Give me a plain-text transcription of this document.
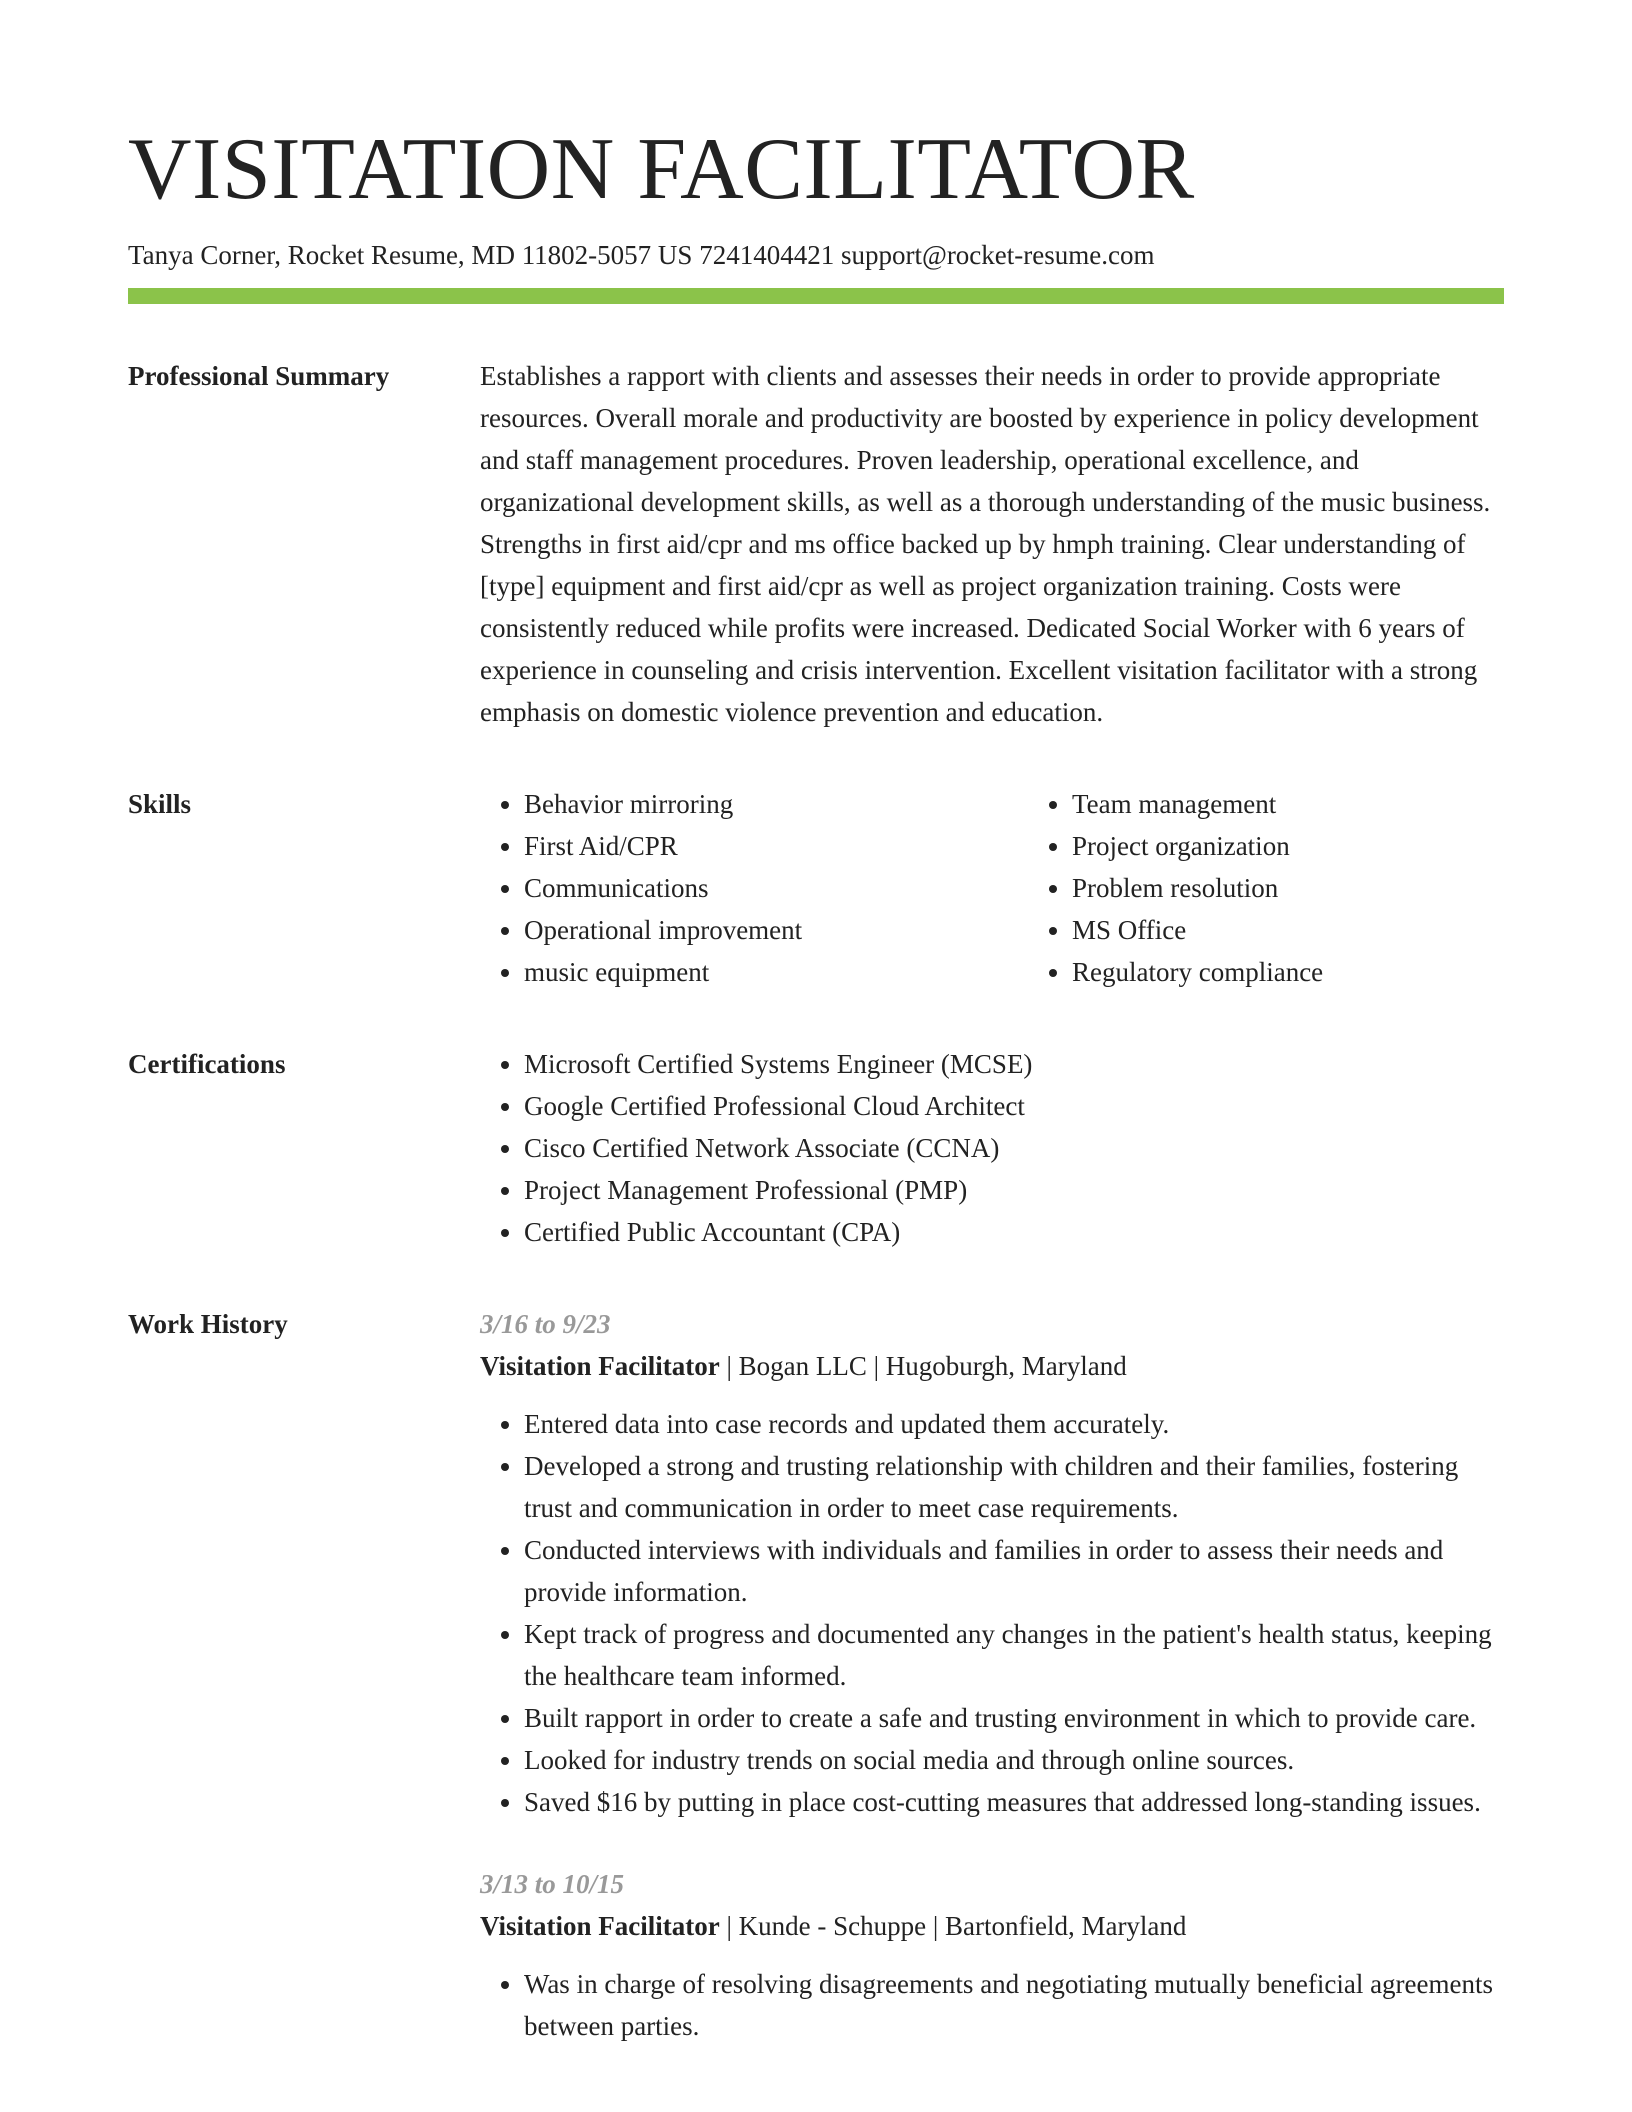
VISITATION FACILITATOR
Tanya Corner, Rocket Resume, MD 11802-5057 US 7241404421 support@rocket-resume.com
Professional Summary	Establishes a rapport with clients and assesses their needs in order to provide appropriate resources. Overall morale and productivity are boosted by experience in policy development and staff management procedures. Proven leadership, operational excellence, and organizational development skills, as well as a thorough understanding of the music business. Strengths in first aid/cpr and ms office backed up by hmph training. Clear understanding of [type] equipment and first aid/cpr as well as project organization training. Costs were consistently reduced while profits were increased. Dedicated Social Worker with 6 years of experience in counseling and crisis intervention. Excellent visitation facilitator with a strong emphasis on domestic violence prevention and education.

Skills	• Behavior mirroring
• First Aid/CPR
• Communications
• Operational improvement
• music equipment
• Team management
• Project organization
• Problem resolution
• MS Office
• Regulatory compliance
Certifications	• Microsoft Certified Systems Engineer (MCSE)
• Google Certified Professional Cloud Architect
• Cisco Certified Network Associate (CCNA)
• Project Management Professional (PMP)
• Certified Public Accountant (CPA)
Work History	3/16 to 9/23
Visitation Facilitator | Bogan LLC | Hugoburgh, Maryland
• Entered data into case records and updated them accurately.
• Developed a strong and trusting relationship with children and their families, fostering trust and communication in order to meet case requirements.
• Conducted interviews with individuals and families in order to assess their needs and provide information.
• Kept track of progress and documented any changes in the patient's health status, keeping the healthcare team informed.
• Built rapport in order to create a safe and trusting environment in which to provide care.
• Looked for industry trends on social media and through online sources.
• Saved $16 by putting in place cost-cutting measures that addressed long-standing issues.
3/13 to 10/15
Visitation Facilitator | Kunde - Schuppe | Bartonfield, Maryland
• Was in charge of resolving disagreements and negotiating mutually beneficial agreements between parties.
